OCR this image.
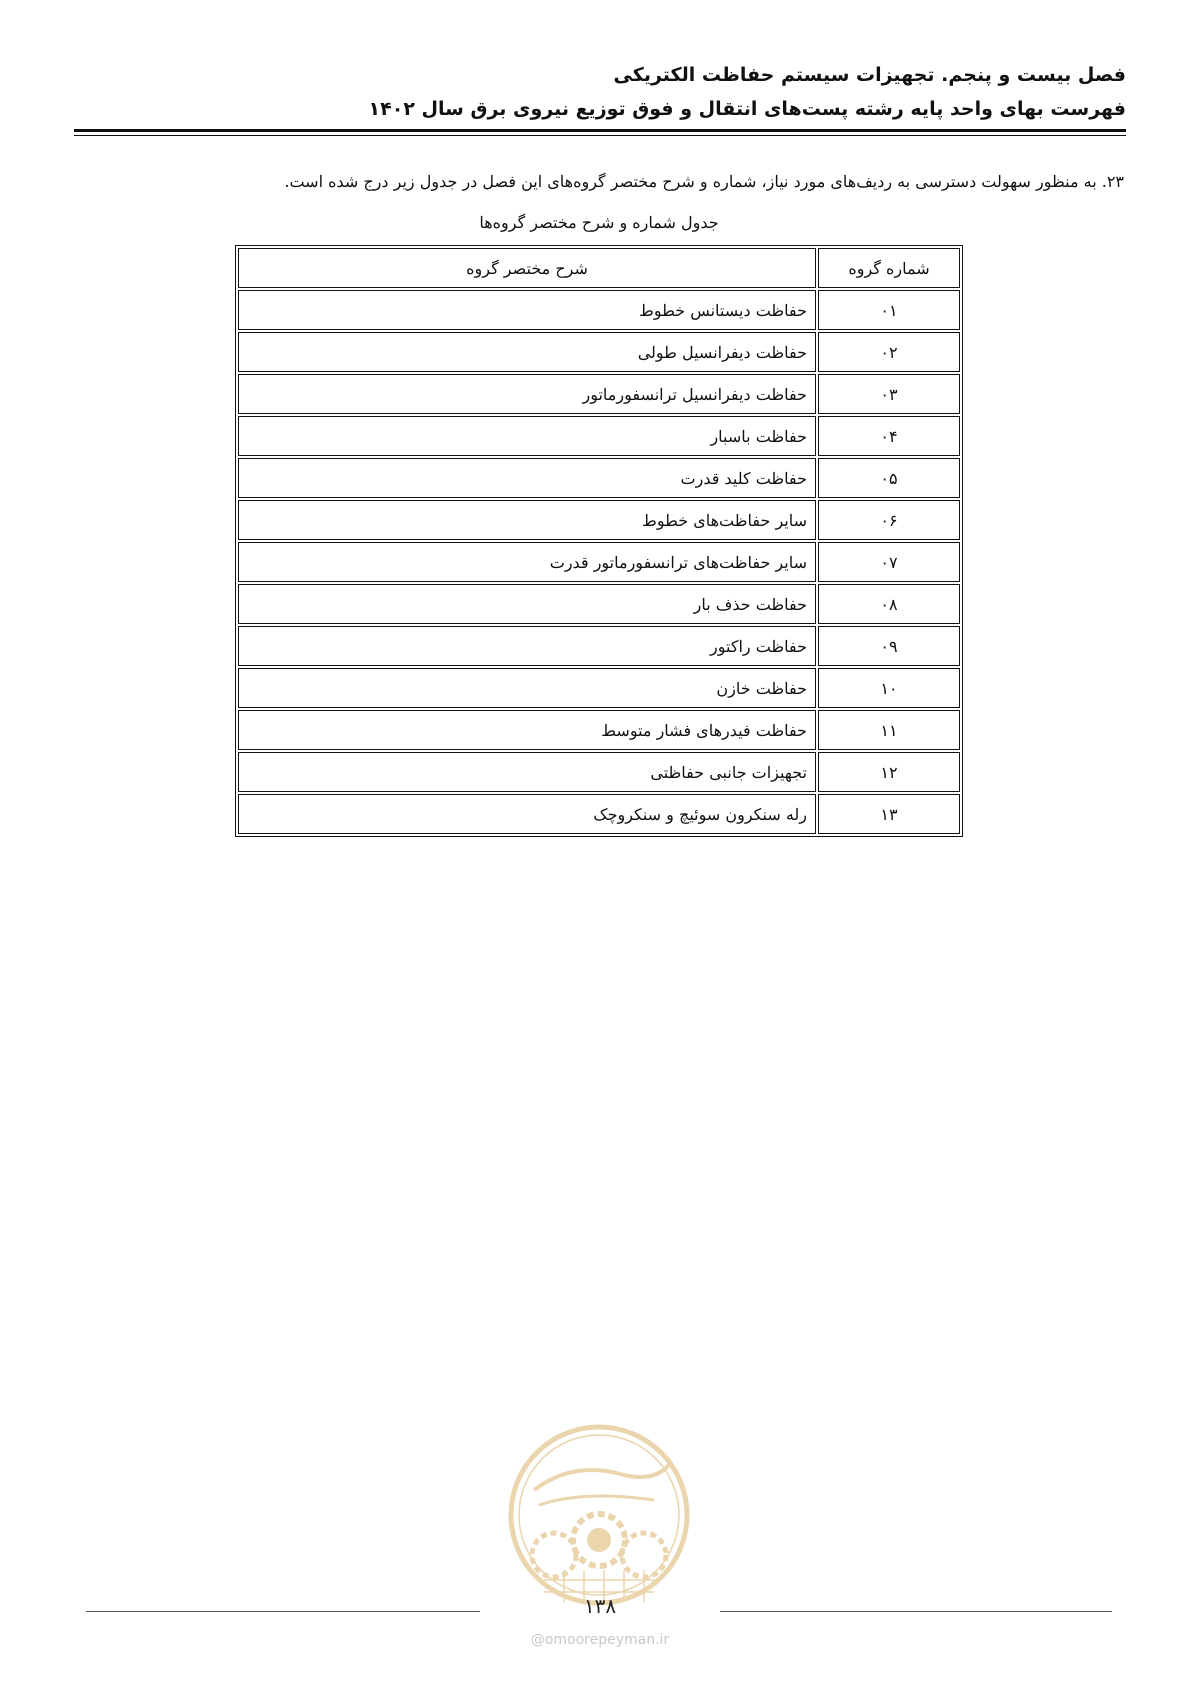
فصل بیست و پنجم. تجهیزات سیستم حفاظت الکتریکی
فهرست بهای واحد پایه رشته پست‌های انتقال و فوق توزیع نیروی برق سال ۱۴۰۲
۲۳. به منظور سهولت دسترسی به ردیف‌های مورد نیاز، شماره و شرح مختصر گروه‌های این فصل در جدول زیر درج شده است.
جدول شماره و شرح مختصر گروه‌ها
شماره گروه	شرح مختصر گروه
۰۱	حفاظت دیستانس خطوط
۰۲	حفاظت دیفرانسیل طولی
۰۳	حفاظت دیفرانسیل ترانسفورماتور
۰۴	حفاظت باسبار
۰۵	حفاظت کلید قدرت
۰۶	سایر حفاظت‌های خطوط
۰۷	سایر حفاظت‌های ترانسفورماتور قدرت
۰۸	حفاظت حذف بار
۰۹	حفاظت راکتور
۱۰	حفاظت خازن
۱۱	حفاظت فیدرهای فشار متوسط
۱۲	تجهیزات جانبی حفاظتی
۱۳	رله سنکرون سوئیچ و سنکروچک
۱۳۸
@omoorepeyman.ir
